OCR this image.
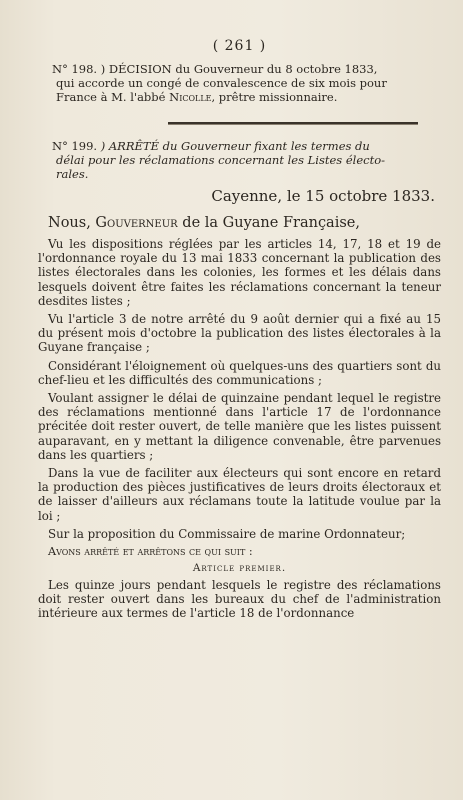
( 261 )
N° 198. ) DÉCISION du Gouverneur du 8 octobre 1833,
qui accorde un congé de convalescence de six mois pour
France à M. l'abbé Nicolle, prêtre missionnaire.
N° 199. ) ARRÊTÉ du Gouverneur fixant les termes du
délai pour les réclamations concernant les Listes électo-
rales.
Cayenne, le 15 octobre 1833.
Nous, Gouverneur de la Guyane Française,

Vu les dispositions réglées par les articles 14, 17, 18 et 19 de l'ordonnance royale du 13 mai 1833 concernant la publication des listes électorales dans les colonies, les formes et les délais dans lesquels doivent être faites les réclamations concernant la teneur desdites listes ;

Vu l'article 3 de notre arrêté du 9 août dernier qui a fixé au 15 du présent mois d'octobre la publication des listes électorales à la Guyane française ;

Considérant l'éloignement où quelques-uns des quartiers sont du chef-lieu et les difficultés des communications ;

Voulant assigner le délai de quinzaine pendant lequel le registre des réclamations mentionné dans l'article 17 de l'ordonnance précitée doit rester ouvert, de telle manière que les listes puissent auparavant, en y mettant la diligence convenable, être parvenues dans les quartiers ;

Dans la vue de faciliter aux électeurs qui sont encore en retard la production des pièces justificatives de leurs droits électoraux et de laisser d'ailleurs aux réclamans toute la latitude voulue par la loi ;

Sur la proposition du Commissaire de marine Ordonnateur;

Avons arrêté et arrêtons ce qui suit :
Article premier.

Les quinze jours pendant lesquels le registre des réclamations doit rester ouvert dans les bureaux du chef de l'administration intérieure aux termes de l'article 18 de l'ordonnance
